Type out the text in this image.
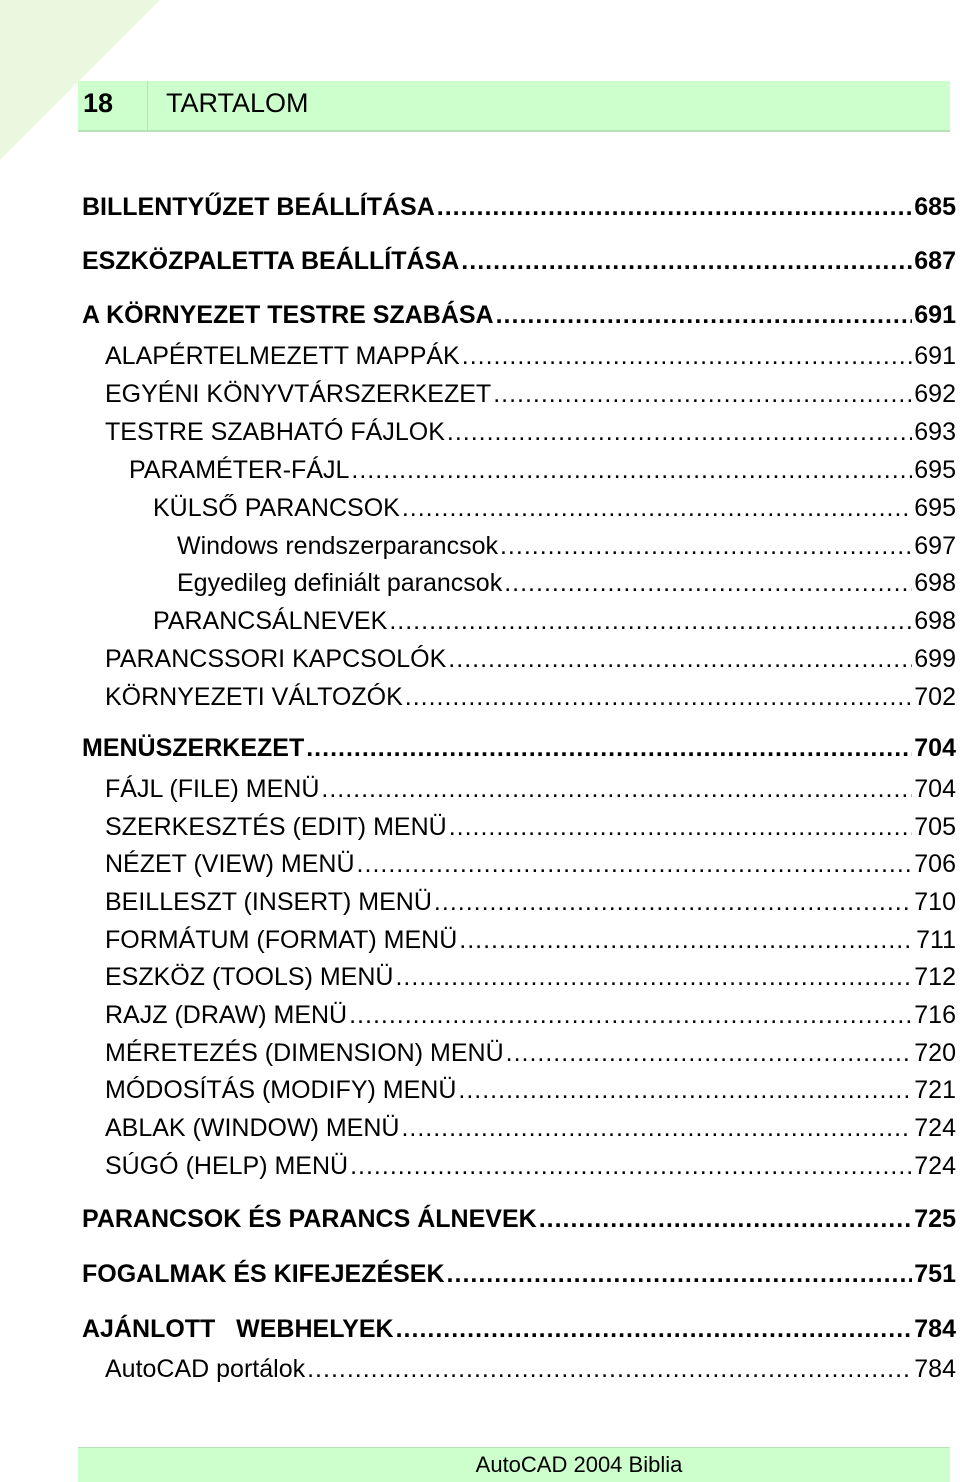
18	TARTALOM
BILLENTYŰZET BEÁLLÍTÁSA .....	685
ESZKÖZPALETTA BEÁLLÍTÁSA .....	687
A KÖRNYEZET TESTRE SZABÁSA .....	691
ALAPÉRTELMEZETT MAPPÁK .....	691
EGYÉNI KÖNYVTÁRSZERKEZET .....	692
TESTRE SZABHATÓ FÁJLOK .....	693
PARAMÉTER-FÁJL .....	695
KÜLSŐ PARANCSOK .....	695
Windows rendszerparancsok .....	697
Egyedileg definiált parancsok .....	698
PARANCSÁLNEVEK .....	698
PARANCSSORI KAPCSOLÓK .....	699
KÖRNYEZETI VÁLTOZÓK .....	702
MENÜSZERKEZET .....	704
FÁJL (FILE) MENÜ .....	704
SZERKESZTÉS (EDIT) MENÜ .....	705
NÉZET (VIEW) MENÜ .....	706
BEILLESZT (INSERT) MENÜ .....	710
FORMÁTUM (FORMAT) MENÜ .....	711
ESZKÖZ (TOOLS) MENÜ .....	712
RAJZ (DRAW) MENÜ .....	716
MÉRETEZÉS (DIMENSION) MENÜ .....	720
MÓDOSÍTÁS (MODIFY) MENÜ .....	721
ABLAK (WINDOW) MENÜ .....	724
SÚGÓ (HELP) MENÜ .....	724
PARANCSOK ÉS PARANCS ÁLNEVEK .....	725
FOGALMAK ÉS KIFEJEZÉSEK .....	751
AJÁNLOTT   WEBHELYEK .....	784
AutoCAD portálok .....	784
AutoCAD 2004 Biblia
